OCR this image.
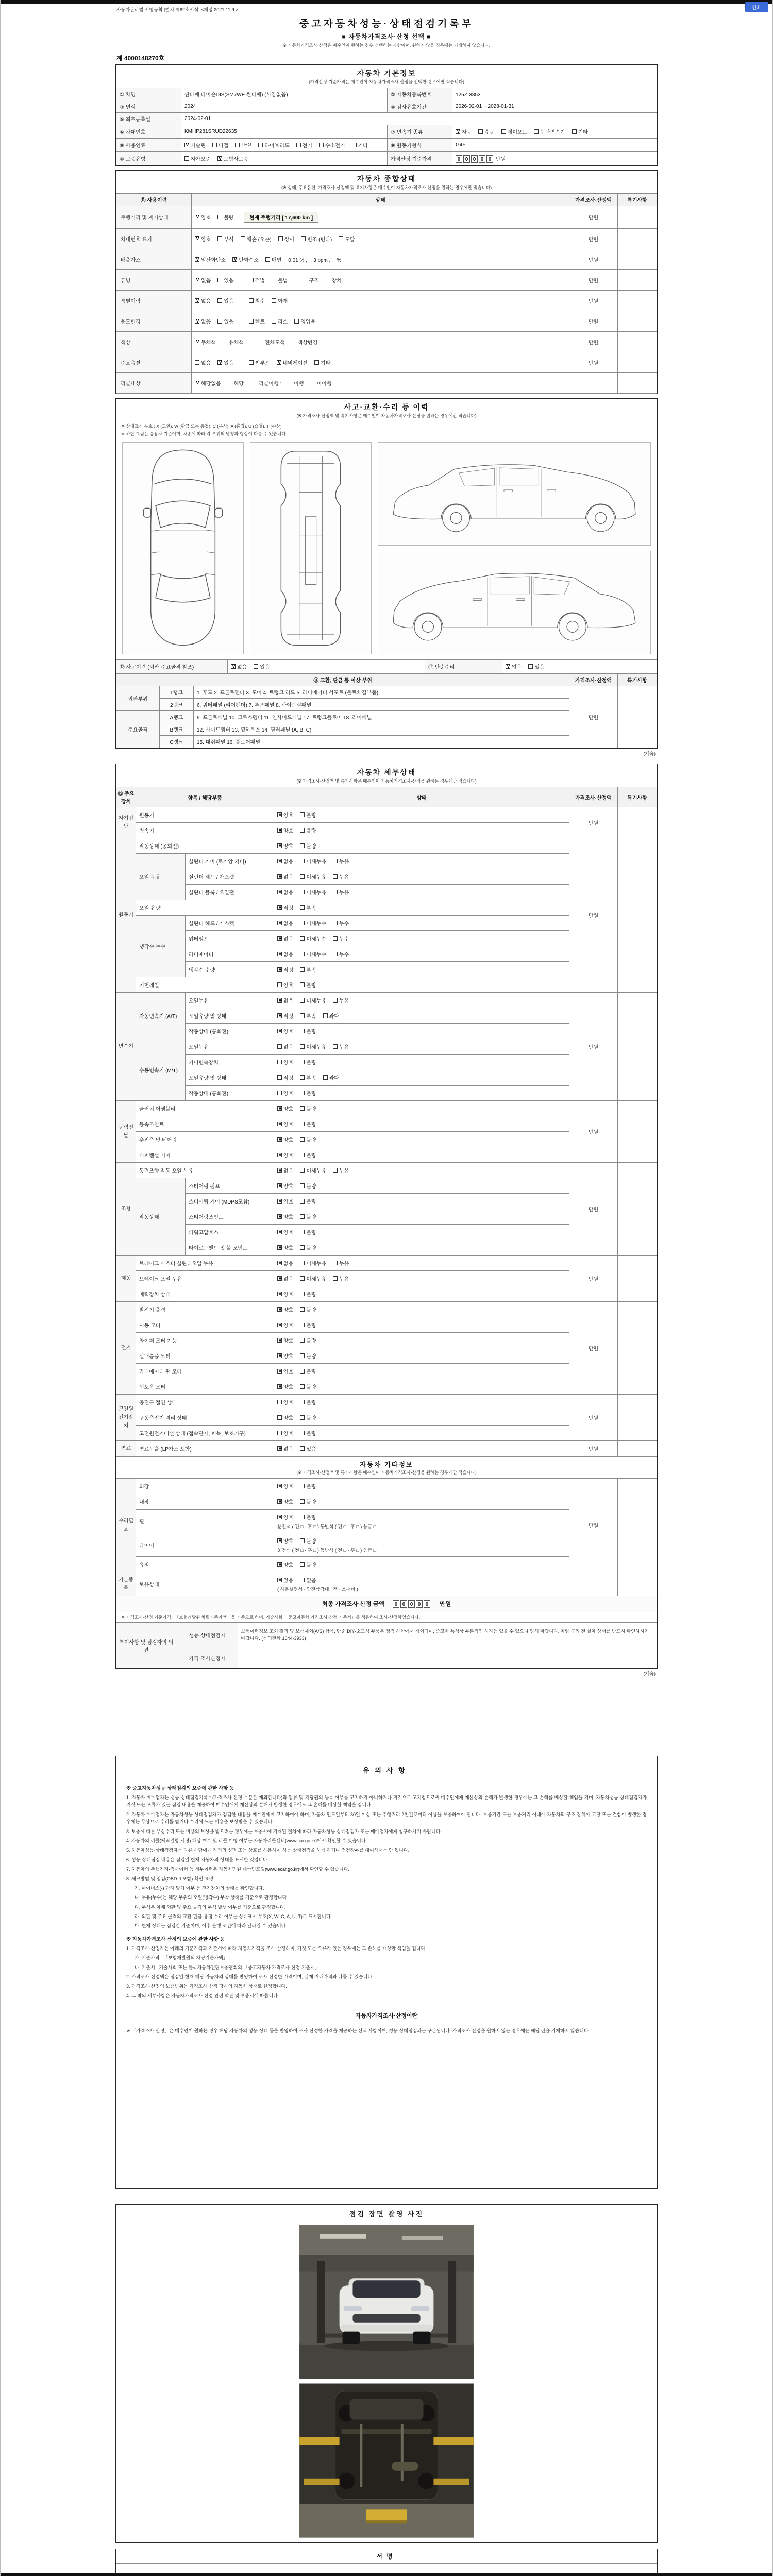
인쇄
자동차관리법 시행규칙 [별지 제82호서식] <개정 2021.11.9.>
중고자동차성능·상태점검기록부
■ 자동차가격조사·산정 선택 ■
※ 자동차가격조사·산정은 매수인이 원하는 경우 선택하는 사항이며, 원하지 않을 경우에는 기재하지 않습니다.
제 4000148270호
자동차 기본정보
(가격산정 기준가격은 매수인이 자동차가격조사·산정을 선택한 경우에만 적습니다)
① 차명	싼타페 타이슨DIS(SM7WE 싼타페) (사양없음)	② 자동차등록번호	125거3853
③ 연식	2024	④ 검사유효기간	2026-02-01 ~ 2028-01-31
⑤ 최초등록일	2024-02-01		
⑥ 차대번호	KMHP281SRUD22635	⑦ 변속기 종류	
V자동 수동 세미오토 무단변속기 기타

⑧ 사용연료	
V가솔린	디젤	LPG	하이브리드	전기	수소전기	기타	⑨ 원동기형식	G4FT
⑩ 보증유형	자가보증 V 보험사보증	가격산정 기준가격	0 0 0 0 0 만원
자동차 종합상태
(※ 상태, 주요옵션, 가격조사·산정액 및 특기사항은 매수인이 자동차가격조사·산정을 원하는 경우에만 적습니다)
⑪ 사용이력	상태	가격조사·산정액	특기사항
주행거리 및 계기상태	
V양호 불량 현재 주행거리 [ 17,600 km ]	만원	
차대번호 표기	
V양호	부식	훼손 (오손)	상이	변조 (변타)	도말	만원	
배출가스	
V일산화탄소 V 탄화수소 매연 0.01 % , 3 ppm , %	만원	
튜닝	
V없음	있음	적법	불법	구조	장치	만원	
특별이력	
V없음 있음 침수 화재	만원	
용도변경	
V없음 있음 렌트 리스 영업용	만원	
색상	
V무채색 유채색 전체도색 색상변경	만원	
주요옵션	없음 V 있음 썬루프 V 네비게이션 기타	만원	
리콜대상	
V해당없음 해당 리콜이행 : 이행 미이행

사고·교환·수리 등 이력
(※ 가격조사·산정액 및 특기사항은 매수인이 자동차가격조사·산정을 원하는 경우에만 적습니다)
※ 상태표시 부호 : X (교환), W (판금 또는 용접), C (부식), A (흠집), U (요철), T (손상)
※ 하단 그림은 승용차 기준이며, 차종에 따라 각 부위의 명칭과 형상이 다를 수 있습니다.
⑫ 사고이력 (외판·주요골격 참조)	
V없음	있음	⑬ 단순수리	
V없음	있음
⑭ 교환, 판금 등 이상 부위			가격조사·산정액	특기사항
외판부위	1랭크	1. 후드 2. 프론트펜더 3. 도어 4. 트렁크 리드 5. 라디에이터 서포트 (볼트체결부품)	만원	
	2랭크	6. 쿼터패널 (리어펜더) 7. 루프패널 8. 사이드실패널		
주요골격	A랭크	9. 프론트패널 10. 크로스멤버 11. 인사이드패널 17. 트렁크플로어 18. 리어패널		
	B랭크	12. 사이드멤버 13. 휠하우스 14. 필러패널 (A, B, C)		
	C랭크	15. 대쉬패널 16. 플로어패널		
(계속)
자동차 세부상태
(※ 가격조사·산정액 및 특기사항은 매수인이 자동차가격조사·산정을 원하는 경우에만 적습니다)
⑮ 주요장치	항목 / 해당부품		상태	가격조사·산정액	특기사항
자기진단	원동기	
V양호 불량	만원	
	변속기	
V양호 불량

원동기	작동상태 (공회전)	
V양호 불량	만원	
	오일 누유	실린더 커버 (로커암 커버)	
V없음 미세누유 누유

		실린더 헤드 / 가스켓	
V없음 미세누유 누유

		실린더 블록 / 오일팬	
V없음 미세누유 누유

	오일 유량	
V적정 부족

	냉각수 누수	실린더 헤드 / 가스켓	
V없음 미세누수 누수

		워터펌프	
V없음 미세누수 누수

		라디에이터	
V없음 미세누수 누수

		냉각수 수량	
V적정 부족

	커먼레일		양호 불량		

변속기	자동변속기 (A/T)	오일누유	
V없음 미세누유 누유	만원	
		오일유량 및 상태	
V적정 부족 과다

		작동상태 (공회전)	
V양호 불량

	수동변속기 (M/T)	오일누유	없음 미세누유 누유		

		기어변속장치	양호 불량		

		오일유량 및 상태	적정 부족 과다		

		작동상태 (공회전)	양호 불량		

동력전달	클러치 어셈블리	
V양호 불량	만원	
	등속조인트	
V양호 불량

	추진축 및 베어링	
V양호 불량

	디퍼렌셜 기어	
V양호 불량

조향	동력조향 작동 오일 누유	
V없음 미세누유 누유	만원	
	작동상태	스티어링 펌프	
V양호 불량

		스티어링 기어 (MDPS포함)	
V양호 불량

		스티어링조인트	
V양호 불량

		파워고압호스	
V양호 불량

		타이로드엔드 및 볼 조인트	
V양호 불량

제동	브레이크 마스터 실린더오일 누유	
V없음 미세누유 누유	만원	
	브레이크 오일 누유	
V없음 미세누유 누유

	배력장치 상태	
V양호 불량

전기	발전기 출력	
V양호 불량	만원	
	시동 모터	
V양호 불량

	와이퍼 모터 기능	
V양호 불량

	실내송풍 모터	
V양호 불량

	라디에이터 팬 모터	
V양호 불량

	윈도우 모터	
V양호 불량

고전원 전기장치	충전구 절연 상태		양호 불량	만원	
	구동축전지 격리 상태		양호 불량		

	고전원전기배선 상태 (접속단자, 피복, 보호기구)		양호 불량		

연료	연료누출 (LP가스 포함)	
V없음 있음	만원	
자동차 기타정보
(※ 가격조사·산정액 및 특기사항은 매수인이 자동차가격조사·산정을 원하는 경우에만 적습니다)
수리필요	외장	
V양호 불량	만원	
	내장	
V양호 불량

	휠	
V
양호 불량
운전석 ( 전 □ · 후 □ ) 동반석 ( 전 □ · 후 □ ) 응급 □

	타이어	
V
양호 불량
운전석 ( 전 □ · 후 □ ) 동반석 ( 전 □ · 후 □ ) 응급 □

	유리	
V양호 불량

기본품목	보유상태	
V
있음 없음
( 사용설명서 · 안전삼각대 · 잭 · 스패너 )

최종 가격조사·산정 금액	0 0 0 0 0	만원
※ 가격조사·산정 기준가격 : 「보험개발원 차량기준가액」을 기준으로 하며, 기술사회 「중고자동차 가격조사·산정 기준서」를 적용하여 조사·산정하였습니다.
특이사항 및 점검자의 의견	성능·상태점검자	보험이력정보 조회 결과 및 보증제외(A/S) 항목, 단순 DIY·소모성 부품은 점검 사항에서 제외되며, 중고차 특성상 부분적인 하자는 있을 수 있으니 양해 바랍니다. 차량 구입 전 실차 상태를 반드시 확인하시기 바랍니다. (문의전화 1644-3933)
	가격·조사산정자	
(계속)
유의사항
※ 중고자동차성능·상태점검의 보증에 관한 사항 등
1. 자동차 매매업자는 성능·상태점검기록부(가격조사·산정 부분은 제외합니다)와 압류 및 저당권의 등록 여부를 고지하지 아니하거나 거짓으로 고지함으로써 매수인에게 재산상의 손해가 발생한 경우에는 그 손해를 배상할 책임을 지며, 자동차성능·상태점검자가 거짓 또는 오류가 있는 점검 내용을 제공하여 매수인에게 재산상의 손해가 발생한 경우에도 그 손해를 배상할 책임을 집니다.
2. 자동차 매매업자는 자동차성능·상태점검자가 점검한 내용을 매수인에게 고지하여야 하며, 자동차 인도일부터 30일 이상 또는 주행거리 2천킬로미터 이상을 보증하여야 합니다. 보증기간 또는 보증거리 이내에 자동차의 구조·장치에 고장 또는 결함이 발생한 경우에는 무상으로 수리를 받거나 수리에 드는 비용을 보상받을 수 있습니다.
3. 보증에 따른 무상수리 또는 비용의 보상을 받으려는 경우에는 보증서에 기재된 절차에 따라 자동차성능·상태점검자 또는 매매업자에게 청구하시기 바랍니다.
4. 자동차의 리콜(제작결함 시정) 대상 여부 및 리콜 이행 여부는 자동차리콜센터(www.car.go.kr)에서 확인할 수 있습니다.
5. 자동차성능·상태점검자는 다른 사람에게 자기의 성명 또는 상호를 사용하여 성능·상태점검을 하게 하거나 점검장부를 대여해서는 안 됩니다.
6. 성능·상태점검 내용은 점검일 현재 자동차의 상태를 표시한 것입니다.
7. 자동차의 주행거리·검사이력 등 세부이력은 자동차민원 대국민포털(www.ecar.go.kr)에서 확인할 수 있습니다.
8. 체크방법 및 점검(OBD-II 포함) 확인 요령
가. 마이너스(-) 단자 탈거 여부 등 전기장치의 상태를 확인합니다.
나. 누유(누수)는 해당 부위의 오일(냉각수) 부착 상태를 기준으로 판정합니다.
다. 부식은 차체 외판 및 주요 골격의 부식 발생 여부를 기준으로 판정합니다.
라. 외판 및 주요 골격의 교환·판금·용접 수리 여부는 상태표시 부호(X, W, C, A, U, T)로 표시합니다.
마. 현재 상태는 점검일 기준이며, 이후 운행 조건에 따라 달라질 수 있습니다.
※ 자동차가격조사·산정의 보증에 관한 사항 등
1. 가격조사·산정자는 아래의 기준가격과 기준서에 따라 자동차가격을 조사·산정하며, 거짓 또는 오류가 있는 경우에는 그 손해를 배상할 책임을 집니다.
가. 기준가격 : 「보험개발원의 차량기준가액」
나. 기준서 : 기술사회 또는 한국자동차진단보증협회의 「중고자동차 가격조사·산정 기준서」
2. 가격조사·산정액은 점검일 현재 해당 자동차의 상태를 반영하여 조사·산정한 가격이며, 실제 거래가격과 다를 수 있습니다.
3. 가격조사·산정의 보증범위는 가격조사·산정 당시의 자동차 상태로 한정합니다.
4. 그 밖의 세부사항은 자동차가격조사·산정 관련 약관 및 보증서에 따릅니다.
자동차가격조사·산정이란
※ 「가격조사·산정」은 매수인이 원하는 경우 해당 자동차의 성능·상태 등을 반영하여 조사·산정한 가격을 제공하는 선택 사항이며, 성능·상태점검과는 구분됩니다. 가격조사·산정을 원하지 않는 경우에는 해당 란을 기재하지 않습니다.
점검 장면 촬영 사진
서명
